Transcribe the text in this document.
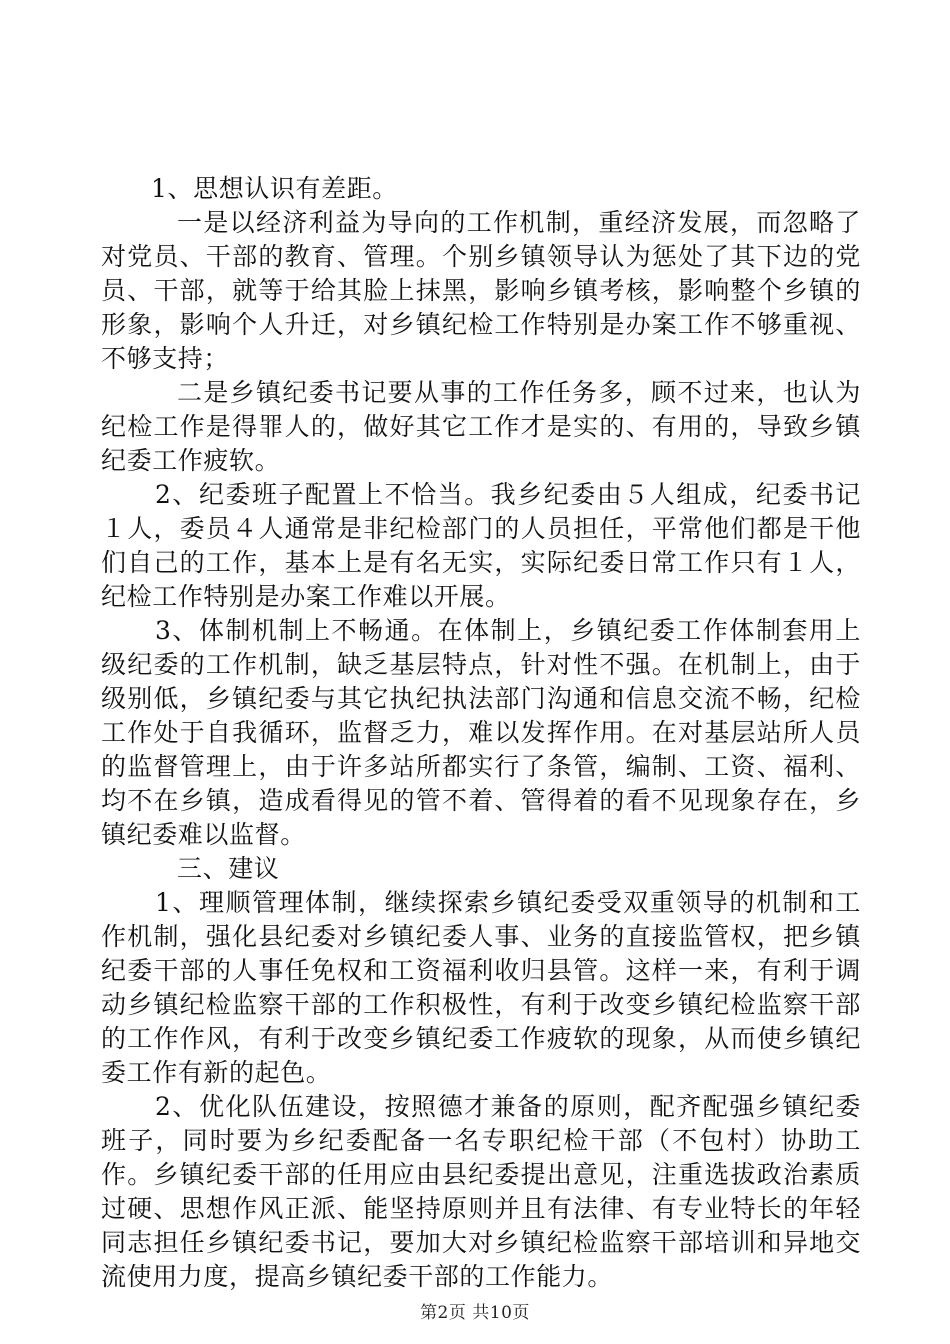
1、思想认识有差距。

一是以经济利益为导向的工作机制，重经济发展，而忽略了对党员、干部的教育、管理。个别乡镇领导认为惩处了其下边的党员、干部，就等于给其脸上抹黑，影响乡镇考核，影响整个乡镇的形象，影响个人升迁，对乡镇纪检工作特别是办案工作不够重视、不够支持；

二是乡镇纪委书记要从事的工作任务多，顾不过来，也认为纪检工作是得罪人的，做好其它工作才是实的、有用的，导致乡镇纪委工作疲软。

2、纪委班子配置上不恰当。我乡纪委由５人组成，纪委书记１人，委员４人通常是非纪检部门的人员担任，平常他们都是干他们自己的工作，基本上是有名无实，实际纪委日常工作只有１人，纪检工作特别是办案工作难以开展。

3、体制机制上不畅通。在体制上，乡镇纪委工作体制套用上级纪委的工作机制，缺乏基层特点，针对性不强。在机制上，由于级别低，乡镇纪委与其它执纪执法部门沟通和信息交流不畅，纪检工作处于自我循环，监督乏力，难以发挥作用。在对基层站所人员的监督管理上，由于许多站所都实行了条管，编制、工资、福利、均不在乡镇，造成看得见的管不着、管得着的看不见现象存在，乡镇纪委难以监督。

三、建议

1、理顺管理体制，继续探索乡镇纪委受双重领导的机制和工作机制，强化县纪委对乡镇纪委人事、业务的直接监管权，把乡镇纪委干部的人事任免权和工资福利收归县管。这样一来，有利于调动乡镇纪检监察干部的工作积极性，有利于改变乡镇纪检监察干部的工作作风，有利于改变乡镇纪委工作疲软的现象，从而使乡镇纪委工作有新的起色。

2、优化队伍建设，按照德才兼备的原则，配齐配强乡镇纪委班子，同时要为乡纪委配备一名专职纪检干部（不包村）协助工作。乡镇纪委干部的任用应由县纪委提出意见，注重选拔政治素质过硬、思想作风正派、能坚持原则并且有法律、有专业特长的年轻同志担任乡镇纪委书记，要加大对乡镇纪检监察干部培训和异地交流使用力度，提高乡镇纪委干部的工作能力。

第2页 共10页
